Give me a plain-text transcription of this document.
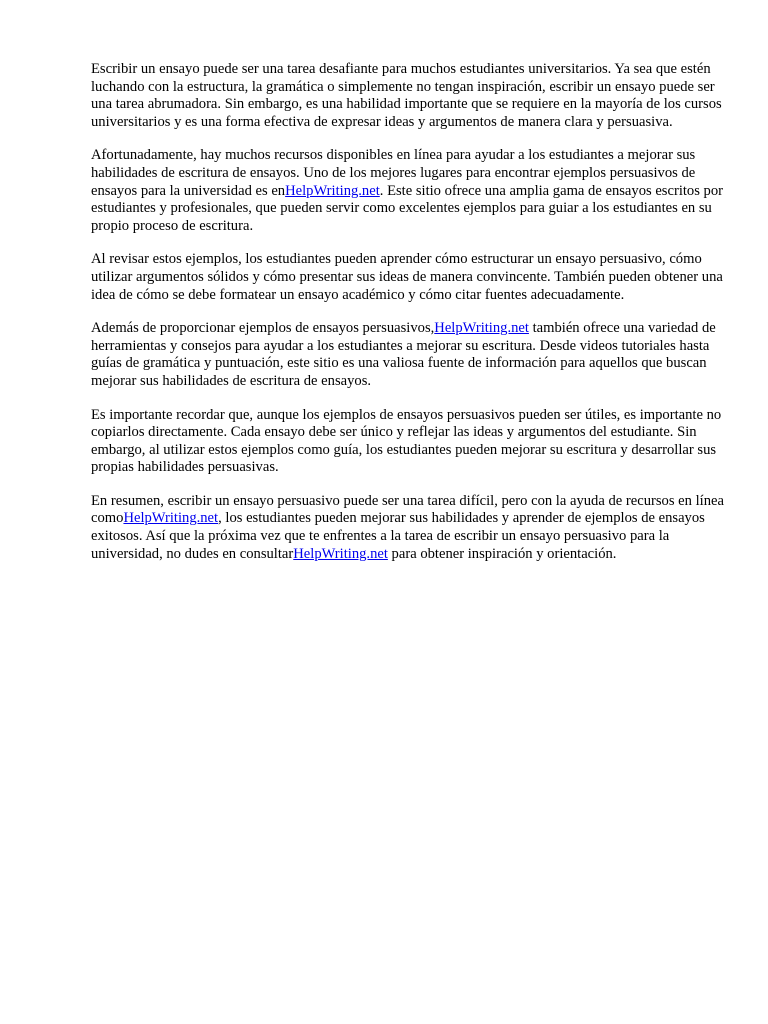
Escribir un ensayo puede ser una tarea desafiante para muchos estudiantes universitarios. Ya sea que estén luchando con la estructura, la gramática o simplemente no tengan inspiración, escribir un ensayo puede ser una tarea abrumadora. Sin embargo, es una habilidad importante que se requiere en la mayoría de los cursos universitarios y es una forma efectiva de expresar ideas y argumentos de manera clara y persuasiva.

Afortunadamente, hay muchos recursos disponibles en línea para ayudar a los estudiantes a mejorar sus habilidades de escritura de ensayos. Uno de los mejores lugares para encontrar ejemplos persuasivos de ensayos para la universidad es enHelpWriting.net. Este sitio ofrece una amplia gama de ensayos escritos por estudiantes y profesionales, que pueden servir como excelentes ejemplos para guiar a los estudiantes en su propio proceso de escritura.

Al revisar estos ejemplos, los estudiantes pueden aprender cómo estructurar un ensayo persuasivo, cómo utilizar argumentos sólidos y cómo presentar sus ideas de manera convincente. También pueden obtener una idea de cómo se debe formatear un ensayo académico y cómo citar fuentes adecuadamente.

Además de proporcionar ejemplos de ensayos persuasivos,HelpWriting.net también ofrece una variedad de herramientas y consejos para ayudar a los estudiantes a mejorar su escritura. Desde videos tutoriales hasta guías de gramática y puntuación, este sitio es una valiosa fuente de información para aquellos que buscan mejorar sus habilidades de escritura de ensayos.

Es importante recordar que, aunque los ejemplos de ensayos persuasivos pueden ser útiles, es importante no copiarlos directamente. Cada ensayo debe ser único y reflejar las ideas y argumentos del estudiante. Sin embargo, al utilizar estos ejemplos como guía, los estudiantes pueden mejorar su escritura y desarrollar sus propias habilidades persuasivas.

En resumen, escribir un ensayo persuasivo puede ser una tarea difícil, pero con la ayuda de recursos en línea comoHelpWriting.net, los estudiantes pueden mejorar sus habilidades y aprender de ejemplos de ensayos exitosos. Así que la próxima vez que te enfrentes a la tarea de escribir un ensayo persuasivo para la universidad, no dudes en consultarHelpWriting.net para obtener inspiración y orientación.
